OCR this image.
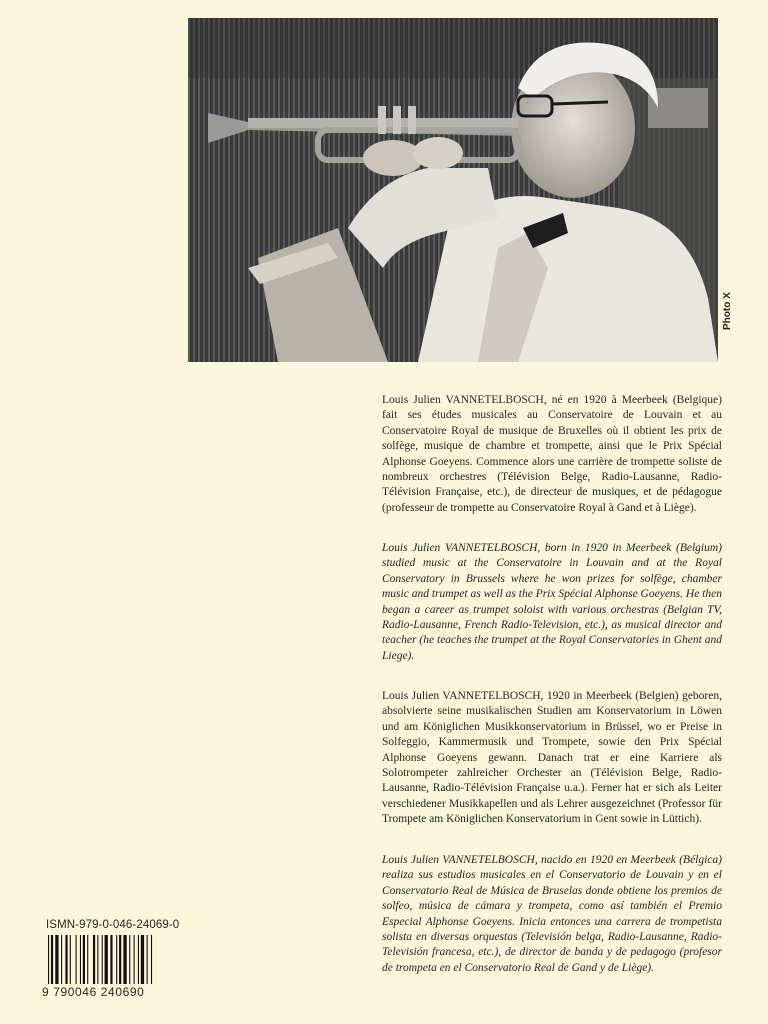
Photo X

Louis Julien VANNETELBOSCH, né en 1920 à Meerbeek (Belgique) fait ses études musicales au Conservatoire de Louvain et au Conservatoire Royal de musique de Bruxelles où il obtient les prix de solfège, musique de chambre et trompette, ainsi que le Prix Spécial Alphonse Goeyens. Commence alors une carrière de trompette soliste de nombreux orchestres (Télévision Belge, Radio-Lausanne, Radio-Télévision Française, etc.), de directeur de musiques, et de pédagogue (professeur de trompette au Conservatoire Royal à Gand et à Liège).

Louis Julien VANNETELBOSCH, born in 1920 in Meerbeek (Belgium) studied music at the Conservatoire in Louvain and at the Royal Conservatory in Brussels where he won prizes for solfège, chamber music and trumpet as well as the Prix Spécial Alphonse Goeyens. He then began a career as trumpet soloist with various orchestras (Belgian TV, Radio-Lausanne, French Radio-Television, etc.), as musical director and teacher (he teaches the trumpet at the Royal Conservatories in Ghent and Liege).

Louis Julien VANNETELBOSCH, 1920 in Meerbeek (Belgien) geboren, absolvierte seine musikalischen Studien am Konservatorium in Löwen und am Königlichen Musikkonservatorium in Brüssel, wo er Preise in Solfeggio, Kammermusik und Trompete, sowie den Prix Spécial Alphonse Goeyens gewann. Danach trat er eine Karriere als Solotrompeter zahlreicher Orchester an (Télévision Belge, Radio-Lausanne, Radio-Télévision Française u.a.). Ferner hat er sich als Leiter verschiedener Musikkapellen und als Lehrer ausgezeichnet (Professor für Trompete am Königlichen Konservatorium in Gent sowie in Lüttich).

Louis Julien VANNETELBOSCH, nacido en 1920 en Meerbeek (Bélgica) realiza sus estudios musicales en el Conservatorio de Louvain y en el Conservatorio Real de Música de Bruselas donde obtiene los premios de solfeo, música de cámara y trompeta, como así también el Premio Especial Alphonse Goeyens. Inicia entonces una carrera de trompetista solista en diversas orquestas (Televisión belga, Radio-Lausanne, Radio-Televisión francesa, etc.), de director de banda y de pedagogo (profesor de trompeta en el Conservatorio Real de Gand y de Liège).

ISMN-979-0-046-24069-0
9 790046 240690
